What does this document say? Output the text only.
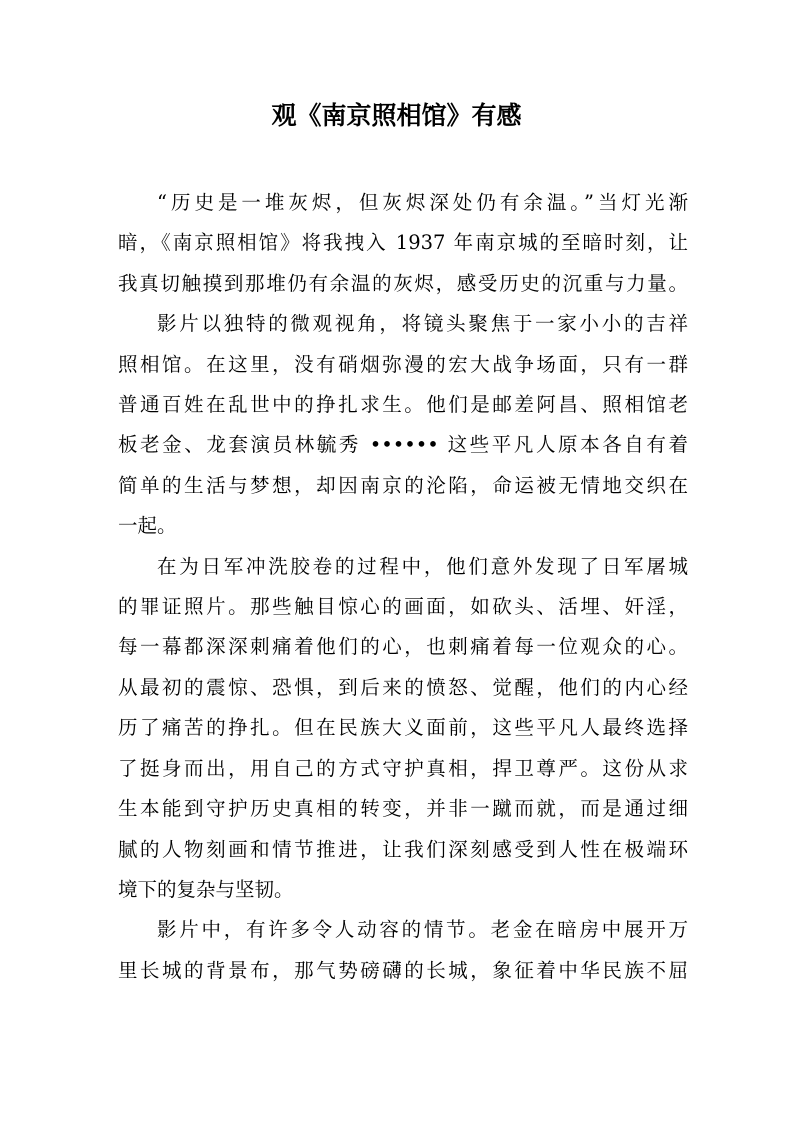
观《南京照相馆》有感

“历史是一堆灰烬，但灰烬深处仍有余温。”当灯光渐
暗，《南京照相馆》将我拽入 1937 年南京城的至暗时刻，让
我真切触摸到那堆仍有余温的灰烬，感受历史的沉重与力量。

影片以独特的微观视角，将镜头聚焦于一家小小的吉祥
照相馆。在这里，没有硝烟弥漫的宏大战争场面，只有一群
普通百姓在乱世中的挣扎求生。他们是邮差阿昌、照相馆老
板老金、龙套演员林毓秀 •••••• 这些平凡人原本各自有着
简单的生活与梦想，却因南京的沦陷，命运被无情地交织在
一起。

在为日军冲洗胶卷的过程中，他们意外发现了日军屠城
的罪证照片。那些触目惊心的画面，如砍头、活埋、奸淫，
每一幕都深深刺痛着他们的心，也刺痛着每一位观众的心。
从最初的震惊、恐惧，到后来的愤怒、觉醒，他们的内心经
历了痛苦的挣扎。但在民族大义面前，这些平凡人最终选择
了挺身而出，用自己的方式守护真相，捍卫尊严。这份从求
生本能到守护历史真相的转变，并非一蹴而就，而是通过细
腻的人物刻画和情节推进，让我们深刻感受到人性在极端环
境下的复杂与坚韧。

影片中，有许多令人动容的情节。老金在暗房中展开万
里长城的背景布，那气势磅礴的长城，象征着中华民族不屈
